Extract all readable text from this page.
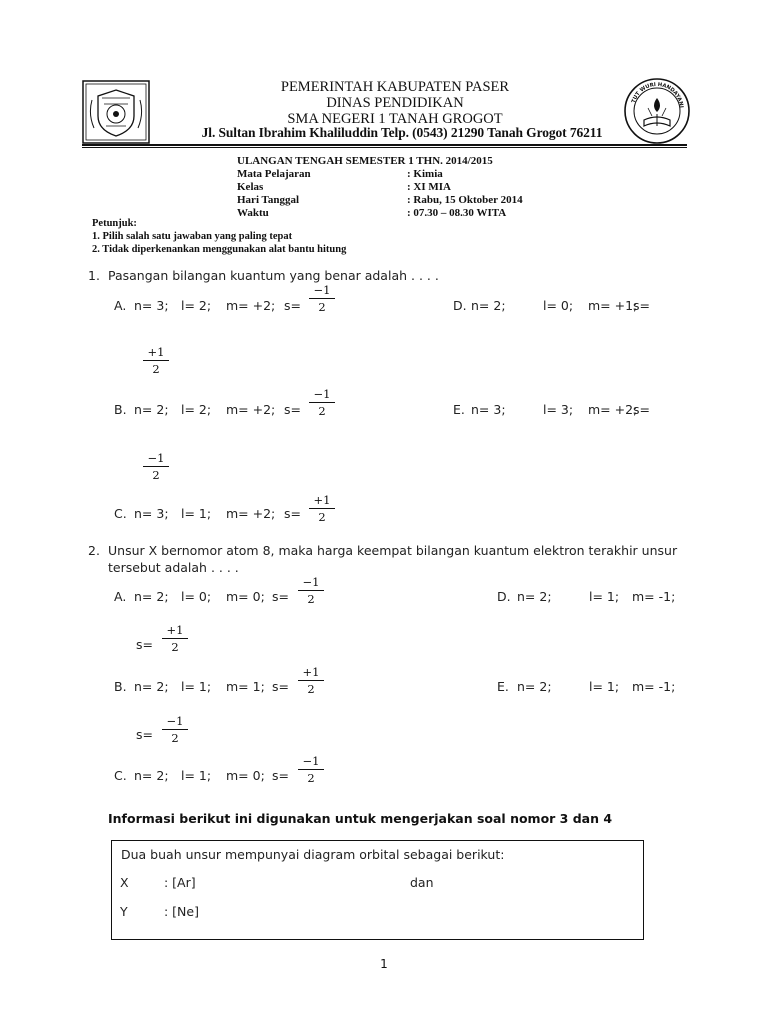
TUT WURI HANDAYANI
PEMERINTAH KABUPATEN PASER
DINAS PENDIDIKAN
SMA NEGERI 1 TANAH GROGOT
Jl. Sultan Ibrahim Khaliluddin Telp. (0543) 21290 Tanah Grogot 76211
ULANGAN TENGAH SEMESTER 1 THN. 2014/2015
Mata Pelajaran	: Kimia
Kelas	: XI MIA
Hari Tanggal	: Rabu, 15 Oktober 2014
Waktu	: 07.30 – 08.30 WITA
Petunjuk:
1. Pilih salah satu jawaban yang paling tepat
2. Tidak diperkenankan menggunakan alat bantu hitung
1. Pasangan bilangan kuantum yang benar adalah . . . .
A. n= 3; l= 2; m= +2; $s= \frac{-1}{2}$	D. n= 2;	l= 0; m= +1;
s=
$\frac{+1}{2}$
B. n= 2; l= 2; m= +2; $s= \frac{-1}{2}$	E. n= 3;	l= 3; m= +2;
s=
$\frac{-1}{2}$
C. n= 3; l= 1; m= +2; $s= \frac{+1}{2}$
2. Unsur X bernomor atom 8, maka harga keempat bilangan kuantum elektron terakhir unsur
tersebut adalah . . . .
A. n= 2; l= 0; m= 0; $s= \frac{-1}{2}$	D. n= 2;	l= 1; m= -1;
$s= \frac{+1}{2}$
B. n= 2; l= 1; m= 1; $s= \frac{+1}{2}$	E. n= 2;	l= 1; m= -1;
$s= \frac{-1}{2}$
C. n= 2; l= 1; m= 0; $s= \frac{-1}{2}$
Informasi berikut ini digunakan untuk mengerjakan soal nomor 3 dan 4
Dua buah unsur mempunyai diagram orbital sebagai berikut:
X	: [Ar]	dan
Y	: [Ne]
1
